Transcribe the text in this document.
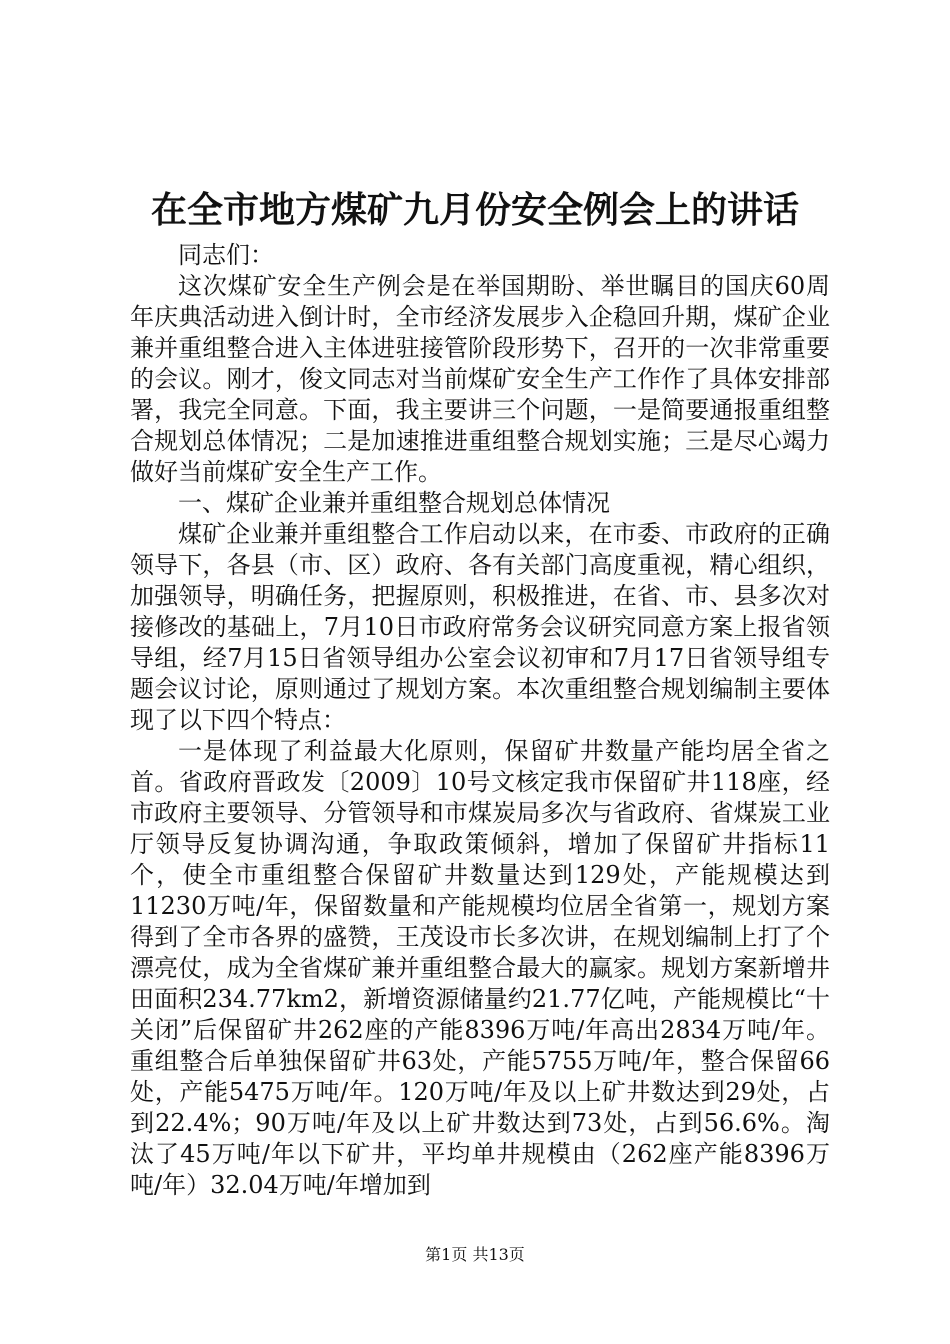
在全市地方煤矿九月份安全例会上的讲话

同志们：

这次煤矿安全生产例会是在举国期盼、举世瞩目的国庆60周年庆典活动进入倒计时，全市经济发展步入企稳回升期，煤矿企业兼并重组整合进入主体进驻接管阶段形势下，召开的一次非常重要的会议。刚才，俊文同志对当前煤矿安全生产工作作了具体安排部署，我完全同意。下面，我主要讲三个问题，一是简要通报重组整合规划总体情况；二是加速推进重组整合规划实施；三是尽心竭力做好当前煤矿安全生产工作。

一、煤矿企业兼并重组整合规划总体情况

煤矿企业兼并重组整合工作启动以来，在市委、市政府的正确领导下，各县（市、区）政府、各有关部门高度重视，精心组织，加强领导，明确任务，把握原则，积极推进，在省、市、县多次对接修改的基础上，7月10日市政府常务会议研究同意方案上报省领导组，经7月15日省领导组办公室会议初审和7月17日省领导组专题会议讨论，原则通过了规划方案。本次重组整合规划编制主要体现了以下四个特点：

一是体现了利益最大化原则，保留矿井数量产能均居全省之首。省政府晋政发〔2009〕10号文核定我市保留矿井118座，经市政府主要领导、分管领导和市煤炭局多次与省政府、省煤炭工业厅领导反复协调沟通，争取政策倾斜，增加了保留矿井指标11个，使全市重组整合保留矿井数量达到129处，产能规模达到11230万吨/年，保留数量和产能规模均位居全省第一，规划方案得到了全市各界的盛赞，王茂设市长多次讲，在规划编制上打了个漂亮仗，成为全省煤矿兼并重组整合最大的赢家。规划方案新增井田面积234.77km2，新增资源储量约21.77亿吨，产能规模比“十关闭”后保留矿井262座的产能8396万吨/年高出2834万吨/年。重组整合后单独保留矿井63处，产能5755万吨/年，整合保留66处，产能5475万吨/年。120万吨/年及以上矿井数达到29处，占到22.4%；90万吨/年及以上矿井数达到73处，占到56.6%。淘汰了45万吨/年以下矿井，平均单井规模由（262座产能8396万吨/年）32.04万吨/年增加到

第1页 共13页
